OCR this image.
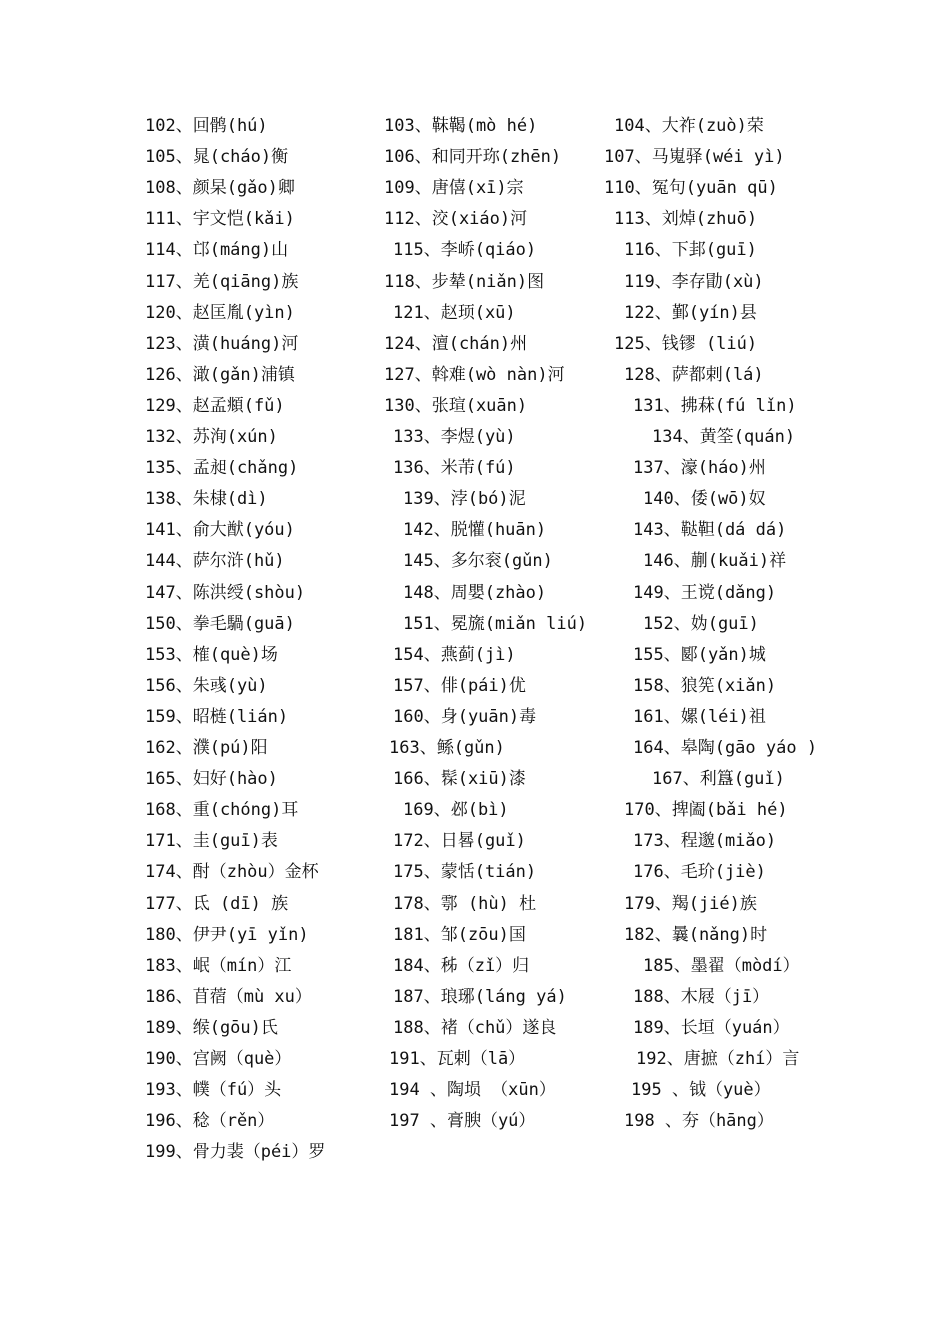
102、回鹘(hú)	103、靺鞨(mò hé)	104、大祚(zuò)荣
105、晁(cháo)衡	106、和同开珎(zhēn)	107、马嵬驿(wéi yì)
108、颜杲(gǎo)卿	109、唐僖(xī)宗	110、冤句(yuān qū)
111、宇文恺(kǎi)	112、洨(xiáo)河	113、刘焯(zhuō)
114、邙(máng)山	115、李峤(qiáo)	116、下邽(guī)
117、羌(qiāng)族	118、步辇(niǎn)图	119、李存勖(xù)
120、赵匡胤(yìn)	121、赵顼(xū)	122、鄞(yín)县
123、潢(huáng)河	124、澶(chán)州	125、钱镠 (liú)
126、澉(gǎn)浦镇	127、斡难(wò nàn)河	128、萨都剌(lá)
129、赵孟頫(fǔ)	130、张瑄(xuān)	131、拂菻(fú lǐn)
132、苏洵(xún)	133、李煜(yù)	134、黄筌(quán)
135、孟昶(chǎng)	136、米芾(fú)	137、濠(háo)州
138、朱棣(dì)	139、浡(bó)泥	140、倭(wō)奴
141、俞大猷(yóu)	142、脱懽(huān)	143、鞑靼(dá dá)
144、萨尔浒(hǔ)	145、多尔衮(gǔn)	146、蒯(kuǎi)祥
147、陈洪绶(shòu)	148、周嬰(zhào)	149、王谠(dǎng)
150、拳毛騧(guā)	151、冕旒(miǎn liú)	152、妫(guī)
153、榷(què)场	154、燕蓟(jì)	155、郾(yǎn)城
156、朱彧(yù)	157、俳(pái)优	158、狼筅(xiǎn)
159、昭梿(lián)	160、身(yuān)毒	161、嫘(léi)祖
162、濮(pú)阳	163、鲧(gǔn)	164、皋陶(gāo yáo )
165、妇好(hào)	166、髹(xiū)漆	167、利簋(guǐ)
168、重(chóng)耳	169、邲(bì)	170、捭阖(bǎi hé)
171、圭(guī)表	172、日晷(guǐ)	173、程邈(miǎo)
174、酎（zhòu）金杯	175、蒙恬(tián)	176、毛玠(jiè)
177、氐 (dī) 族	178、鄠 (hù) 杜	179、羯(jié)族
180、伊尹(yī yǐn)	181、邹(zōu)国	182、曩(nǎng)时
183、岷（mín）江	184、秭（zǐ）归	185、墨翟（mòdí）
186、苜蓿（mù xu）	187、琅琊(láng yá)	188、木屐（jī）
189、缑(gōu)氏	188、褚（chǔ）遂良	189、长垣（yuán）
190、宫阙（què）	191、瓦剌（lā）	192、唐摭（zhí）言
193、幞（fú）头	194 、陶埙 （xūn）	195 、钺（yuè）
196、稔（rěn）	197 、膏腴（yú）	198 、夯（hāng）
199、骨力裴（péi）罗
